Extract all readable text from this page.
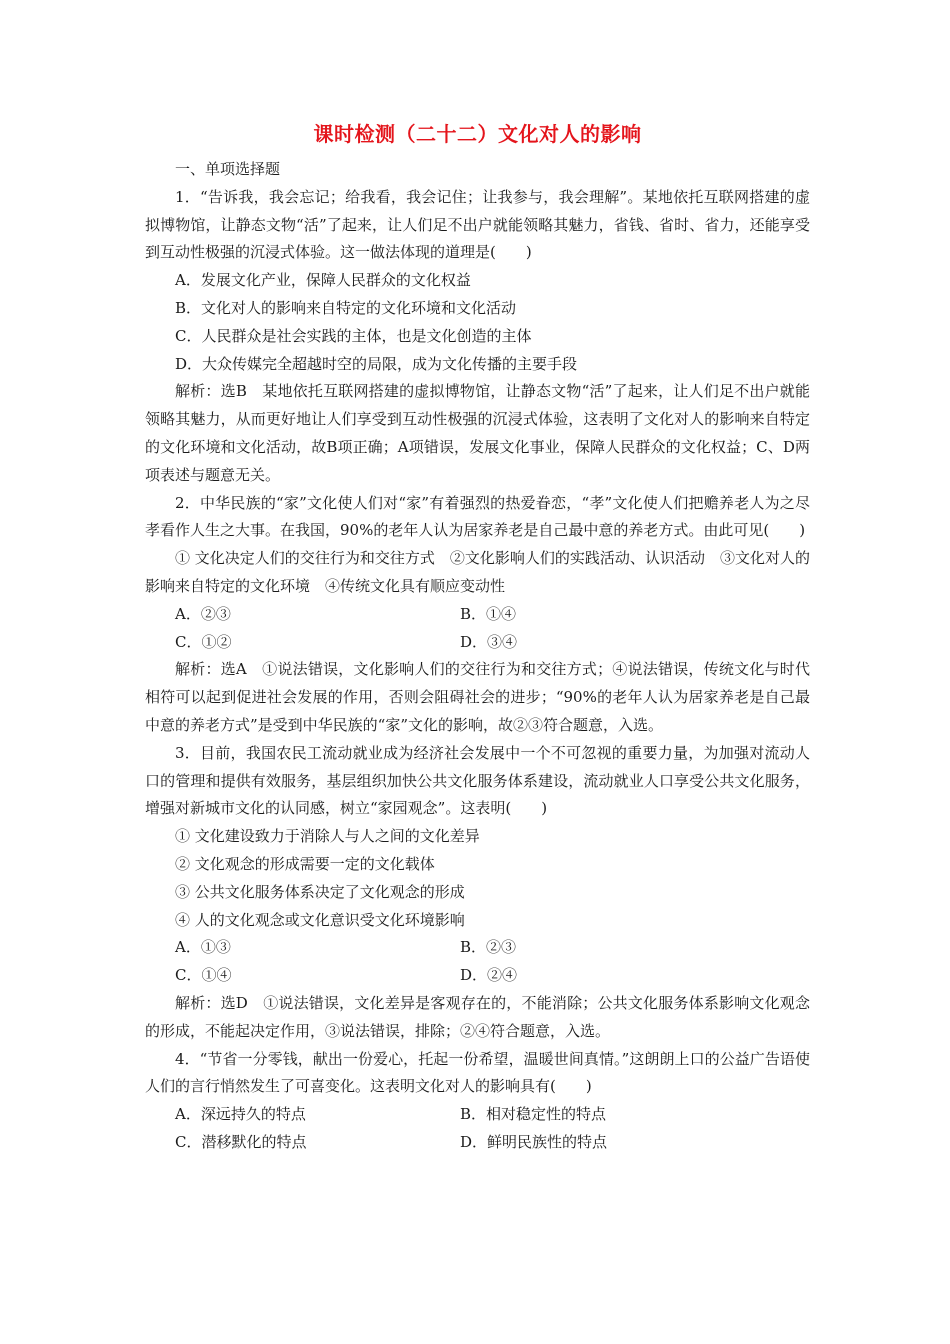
课时检测（二十二）文化对人的影响

一、单项选择题

1．“告诉我，我会忘记；给我看，我会记住；让我参与，我会理解”。某地依托互联网搭建的虚拟博物馆，让静态文物“活”了起来，让人们足不出户就能领略其魅力，省钱、省时、省力，还能享受到互动性极强的沉浸式体验。这一做法体现的道理是(　　)

A．发展文化产业，保障人民群众的文化权益

B．文化对人的影响来自特定的文化环境和文化活动

C．人民群众是社会实践的主体，也是文化创造的主体

D．大众传媒完全超越时空的局限，成为文化传播的主要手段

解析：选B　某地依托互联网搭建的虚拟博物馆，让静态文物“活”了起来，让人们足不出户就能领略其魅力，从而更好地让人们享受到互动性极强的沉浸式体验，这表明了文化对人的影响来自特定的文化环境和文化活动，故B项正确；A项错误，发展文化事业，保障人民群众的文化权益；C、D两项表述与题意无关。

2．中华民族的“家”文化使人们对“家”有着强烈的热爱眷恋，“孝”文化使人们把赡养老人为之尽孝看作人生之大事。在我国，90%的老年人认为居家养老是自己最中意的养老方式。由此可见(　　)

① 文化决定人们的交往行为和交往方式　②文化影响人们的实践活动、认识活动　③文化对人的影响来自特定的文化环境　④传统文化具有顺应变动性

A．②③	B．①④
C．①②	D．③④

解析：选A　①说法错误，文化影响人们的交往行为和交往方式；④说法错误，传统文化与时代相符可以起到促进社会发展的作用，否则会阻碍社会的进步；“90%的老年人认为居家养老是自己最中意的养老方式”是受到中华民族的“家”文化的影响，故②③符合题意，入选。

3．目前，我国农民工流动就业成为经济社会发展中一个不可忽视的重要力量，为加强对流动人口的管理和提供有效服务，基层组织加快公共文化服务体系建设，流动就业人口享受公共文化服务，增强对新城市文化的认同感，树立“家园观念”。这表明(　　)

① 文化建设致力于消除人与人之间的文化差异

② 文化观念的形成需要一定的文化载体

③ 公共文化服务体系决定了文化观念的形成

④ 人的文化观念或文化意识受文化环境影响

A．①③	B．②③
C．①④	D．②④

解析：选D　①说法错误，文化差异是客观存在的，不能消除；公共文化服务体系影响文化观念的形成，不能起决定作用，③说法错误，排除；②④符合题意，入选。

4．“节省一分零钱，献出一份爱心，托起一份希望，温暖世间真情。”这朗朗上口的公益广告语使人们的言行悄然发生了可喜变化。这表明文化对人的影响具有(　　)

A．深远持久的特点	B．相对稳定性的特点
C．潜移默化的特点	D．鲜明民族性的特点
